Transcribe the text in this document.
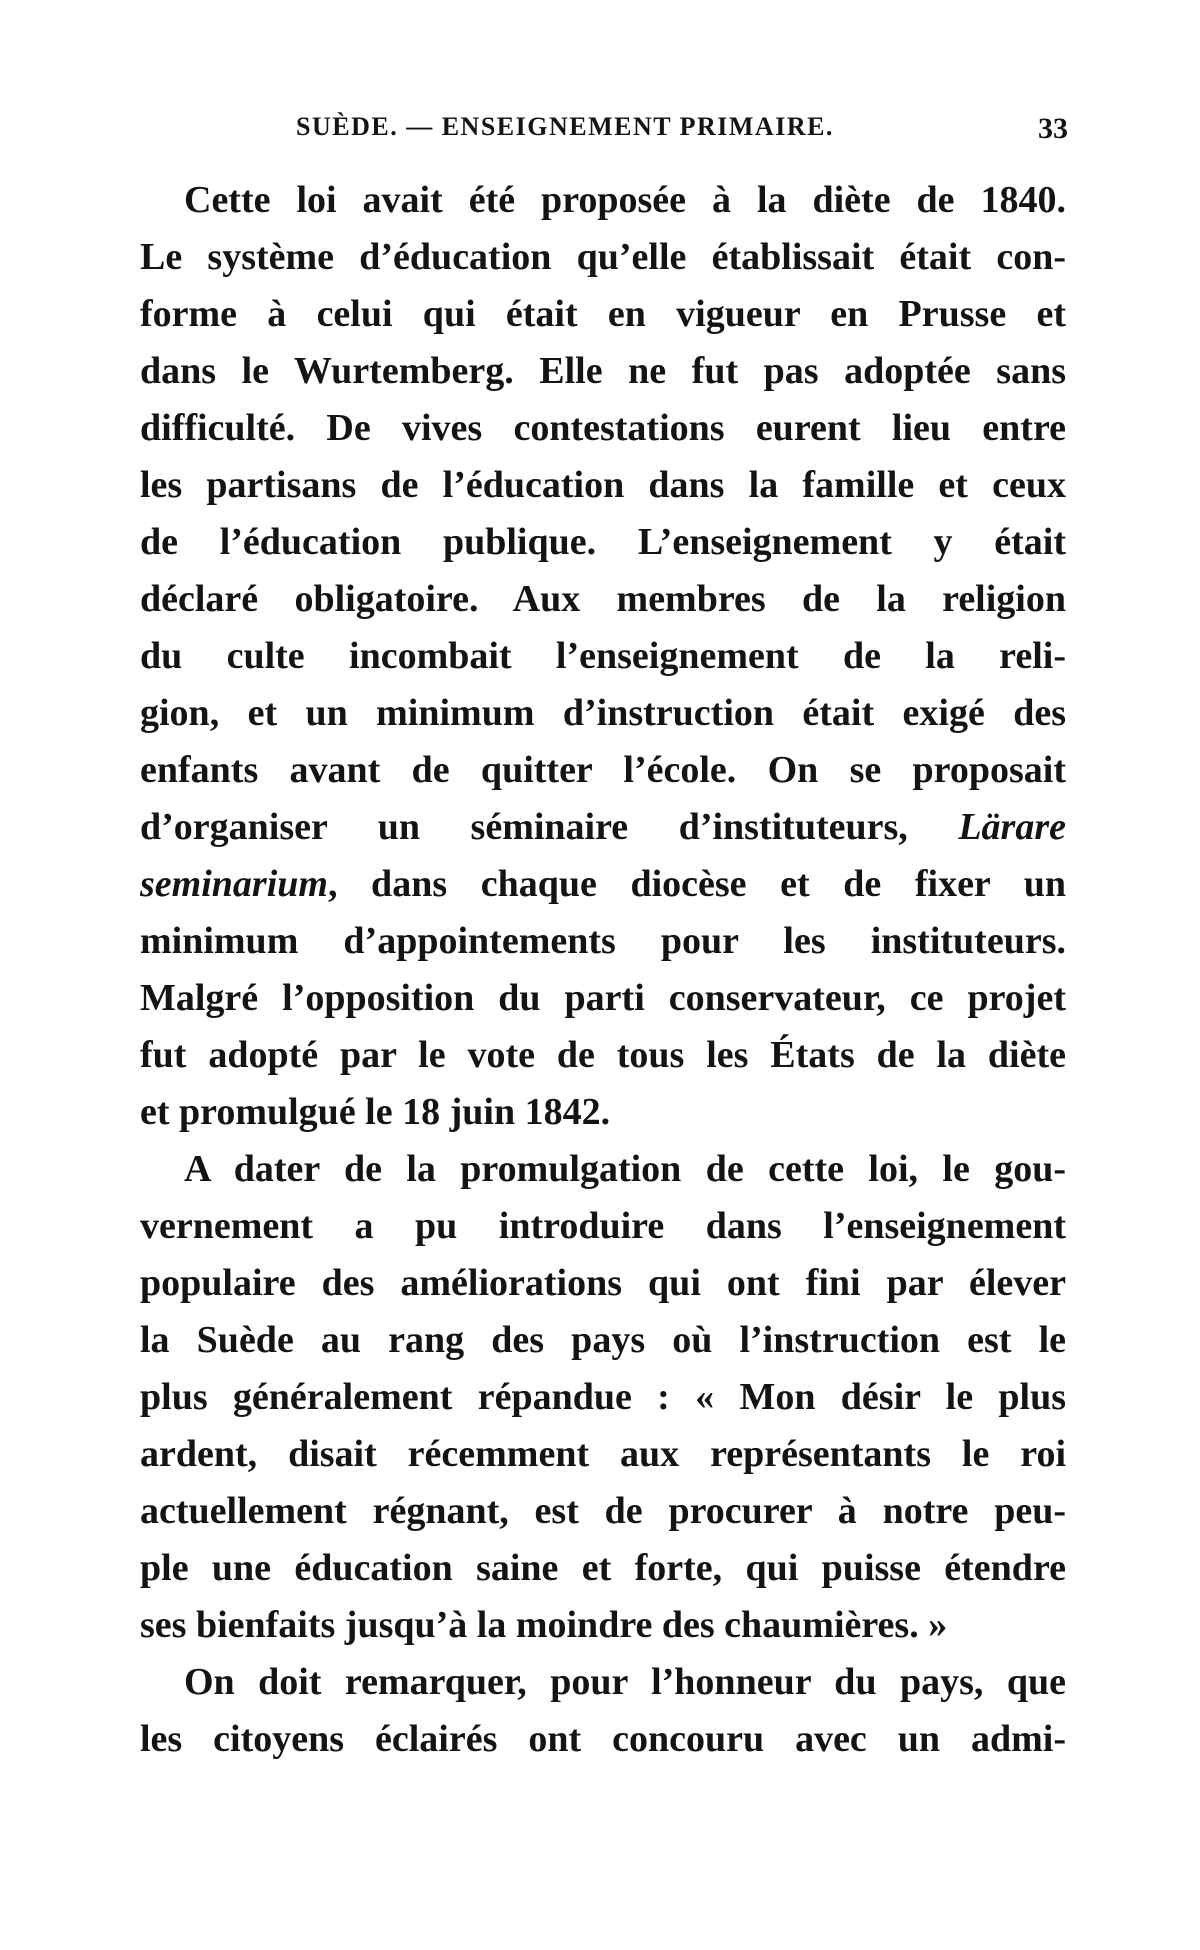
SUÈDE. — ENSEIGNEMENT PRIMAIRE.	33
Cette loi avait été proposée à la diète de 1840.
Le système d’éducation qu’elle établissait était con-
forme à celui qui était en vigueur en Prusse et
dans le Wurtemberg. Elle ne fut pas adoptée sans
difficulté. De vives contestations eurent lieu entre
les partisans de l’éducation dans la famille et ceux
de l’éducation publique. L’enseignement y était
déclaré obligatoire. Aux membres de la religion
du culte incombait l’enseignement de la reli-
gion, et un minimum d’instruction était exigé des
enfants avant de quitter l’école. On se proposait
d’organiser un séminaire d’instituteurs, Lärare
seminarium, dans chaque diocèse et de fixer un
minimum d’appointements pour les instituteurs.
Malgré l’opposition du parti conservateur, ce projet
fut adopté par le vote de tous les États de la diète
et promulgué le 18 juin 1842.
A dater de la promulgation de cette loi, le gou-
vernement a pu introduire dans l’enseignement
populaire des améliorations qui ont fini par élever
la Suède au rang des pays où l’instruction est le
plus généralement répandue : « Mon désir le plus
ardent, disait récemment aux représentants le roi
actuellement régnant, est de procurer à notre peu-
ple une éducation saine et forte, qui puisse étendre
ses bienfaits jusqu’à la moindre des chaumières. »
On doit remarquer, pour l’honneur du pays, que
les citoyens éclairés ont concouru avec un admi-
